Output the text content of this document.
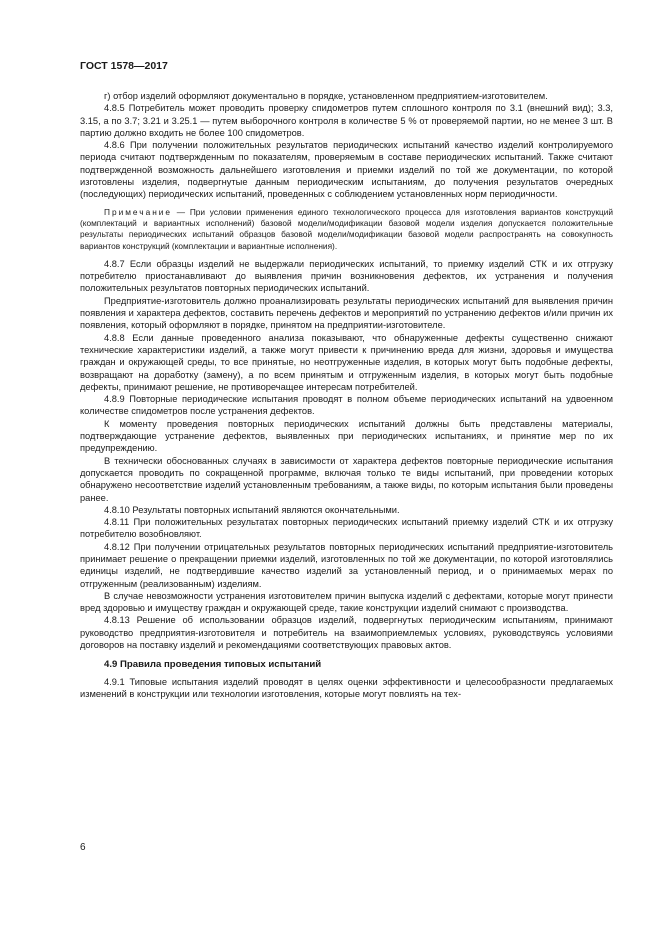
ГОСТ 1578—2017

г) отбор изделий оформляют документально в порядке, установленном предприятием-изготовителем.

4.8.5 Потребитель может проводить проверку спидометров путем сплошного контроля по 3.1 (внешний вид); 3.3, 3.15, а по 3.7; 3.21 и 3.25.1 — путем выборочного контроля в количестве 5 % от проверяемой партии, но не менее 3 шт. В партию должно входить не более 100 спидометров.

4.8.6 При получении положительных результатов периодических испытаний качество изделий контролируемого периода считают подтвержденным по показателям, проверяемым в составе периодических испытаний. Также считают подтвержденной возможность дальнейшего изготовления и приемки изделий по той же документации, по которой изготовлены изделия, подвергнутые данным периодическим испытаниям, до получения результатов очередных (последующих) периодических испытаний, проведенных с соблюдением установленных норм периодичности.

Примечание — При условии применения единого технологического процесса для изготовления вариантов конструкций (комплектаций и вариантных исполнений) базовой модели/модификации базовой модели изделия допускается положительные результаты периодических испытаний образцов базовой модели/модификации базовой модели распространять на совокупность вариантов конструкций (комплектации и вариантные исполнения).

4.8.7 Если образцы изделий не выдержали периодических испытаний, то приемку изделий СТК и их отгрузку потребителю приостанавливают до выявления причин возникновения дефектов, их устранения и получения положительных результатов повторных периодических испытаний.

Предприятие-изготовитель должно проанализировать результаты периодических испытаний для выявления причин появления и характера дефектов, составить перечень дефектов и мероприятий по устранению дефектов и/или причин их появления, который оформляют в порядке, принятом на предприятии-изготовителе.

4.8.8 Если данные проведенного анализа показывают, что обнаруженные дефекты существенно снижают технические характеристики изделий, а также могут привести к причинению вреда для жизни, здоровья и имущества граждан и окружающей среды, то все принятые, но неотгруженные изделия, в которых могут быть подобные дефекты, возвращают на доработку (замену), а по всем принятым и отгруженным изделия, в которых могут быть подобные дефекты, принимают решение, не противоречащее интересам потребителей.

4.8.9 Повторные периодические испытания проводят в полном объеме периодических испытаний на удвоенном количестве спидометров после устранения дефектов.

К моменту проведения повторных периодических испытаний должны быть представлены материалы, подтверждающие устранение дефектов, выявленных при периодических испытаниях, и принятие мер по их предупреждению.

В технически обоснованных случаях в зависимости от характера дефектов повторные периодические испытания допускается проводить по сокращенной программе, включая только те виды испытаний, при проведении которых обнаружено несоответствие изделий установленным требованиям, а также виды, по которым испытания были проведены ранее.

4.8.10 Результаты повторных испытаний являются окончательными.

4.8.11 При положительных результатах повторных периодических испытаний приемку изделий СТК и их отгрузку потребителю возобновляют.

4.8.12 При получении отрицательных результатов повторных периодических испытаний предприятие-изготовитель принимает решение о прекращении приемки изделий, изготовленных по той же документации, по которой изготовлялись единицы изделий, не подтвердившие качество изделий за установленный период, и о принимаемых мерах по отгруженным (реализованным) изделиям.

В случае невозможности устранения изготовителем причин выпуска изделий с дефектами, которые могут принести вред здоровью и имуществу граждан и окружающей среде, такие конструкции изделий снимают с производства.

4.8.13 Решение об использовании образцов изделий, подвергнутых периодическим испытаниям, принимают руководство предприятия-изготовителя и потребитель на взаимоприемлемых условиях, руководствуясь условиями договоров на поставку изделий и рекомендациями соответствующих правовых актов.

4.9 Правила проведения типовых испытаний

4.9.1 Типовые испытания изделий проводят в целях оценки эффективности и целесообразности предлагаемых изменений в конструкции или технологии изготовления, которые могут повлиять на тех-

6
